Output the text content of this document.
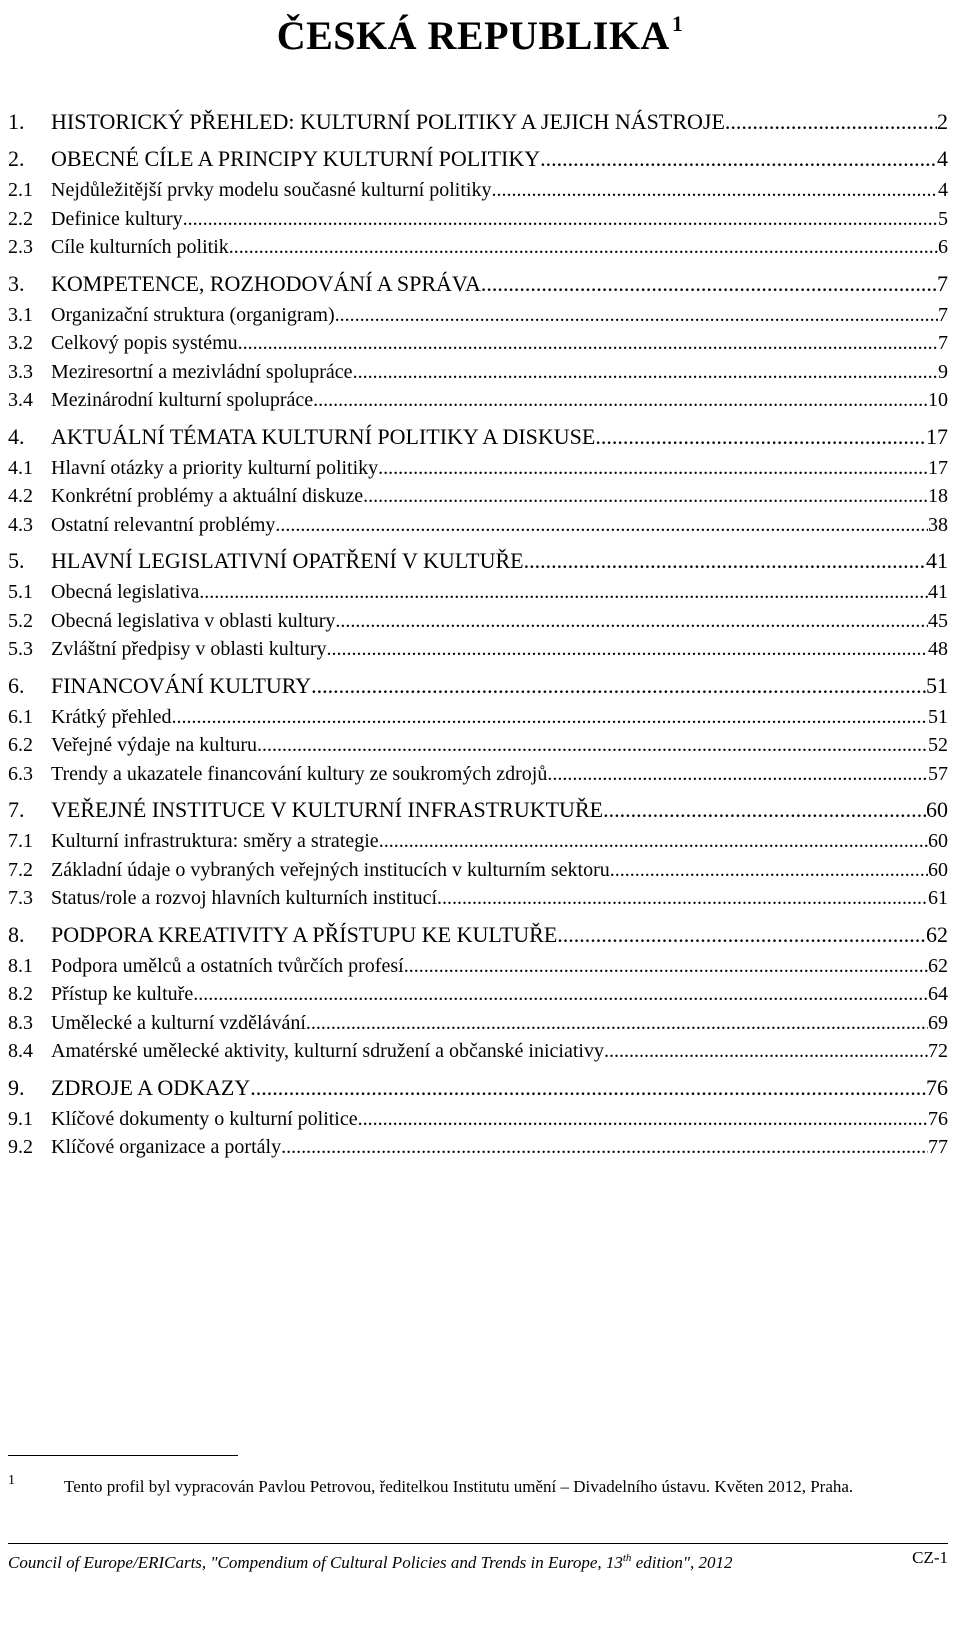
ČESKÁ REPUBLIKA$^1$
1.	HISTORICKÝ PŘEHLED: KULTURNÍ POLITIKY A JEJICH NÁSTROJE .....	2
2.	OBECNÉ CÍLE A PRINCIPY KULTURNÍ POLITIKY .....	4
2.1 Nejdůležitější prvky modelu současné kulturní politiky .....	4
2.2 Definice kultury .....	5
2.3 Cíle kulturních politik .....	6
3.	KOMPETENCE, ROZHODOVÁNÍ A SPRÁVA .....	7
3.1 Organizační struktura (organigram) .....	7
3.2 Celkový popis systému .....	7
3.3 Meziresortní a mezivládní spolupráce .....	9
3.4 Mezinárodní kulturní spolupráce .....	10
4.	AKTUÁLNÍ TÉMATA KULTURNÍ POLITIKY A DISKUSE .....	17
4.1 Hlavní otázky a priority kulturní politiky .....	17
4.2 Konkrétní problémy a aktuální diskuze .....	18
4.3 Ostatní relevantní problémy .....	38
5.	HLAVNÍ LEGISLATIVNÍ OPATŘENÍ V KULTUŘE .....	41
5.1 Obecná legislativa .....	41
5.2 Obecná legislativa v oblasti kultury .....	45
5.3 Zvláštní předpisy v oblasti kultury .....	48
6.	FINANCOVÁNÍ KULTURY .....	51
6.1 Krátký přehled .....	51
6.2 Veřejné výdaje na kulturu .....	52
6.3 Trendy a ukazatele financování kultury ze soukromých zdrojů .....	57
7.	VEŘEJNÉ INSTITUCE V KULTURNÍ INFRASTRUKTUŘE .....	60
7.1 Kulturní infrastruktura: směry a strategie .....	60
7.2 Základní údaje o vybraných veřejných institucích v kulturním sektoru .....	60
7.3 Status/role a rozvoj hlavních kulturních institucí .....	61
8.	PODPORA KREATIVITY A PŘÍSTUPU KE KULTUŘE .....	62
8.1 Podpora umělců a ostatních tvůrčích profesí .....	62
8.2 Přístup ke kultuře .....	64
8.3 Umělecké a kulturní vzdělávání .....	69
8.4 Amatérské umělecké aktivity, kulturní sdružení a občanské iniciativy .....	72
9.	ZDROJE A ODKAZY .....	76
9.1 Klíčové dokumenty o kulturní politice .....	76
9.2 Klíčové organizace a portály .....	77
1	Tento profil byl vypracován Pavlou Petrovou, ředitelkou Institutu umění – Divadelního ústavu. Květen 2012, Praha.
Council of Europe/ERICarts, "Compendium of Cultural Policies and Trends in Europe, 13th edition", 2012	CZ-1
